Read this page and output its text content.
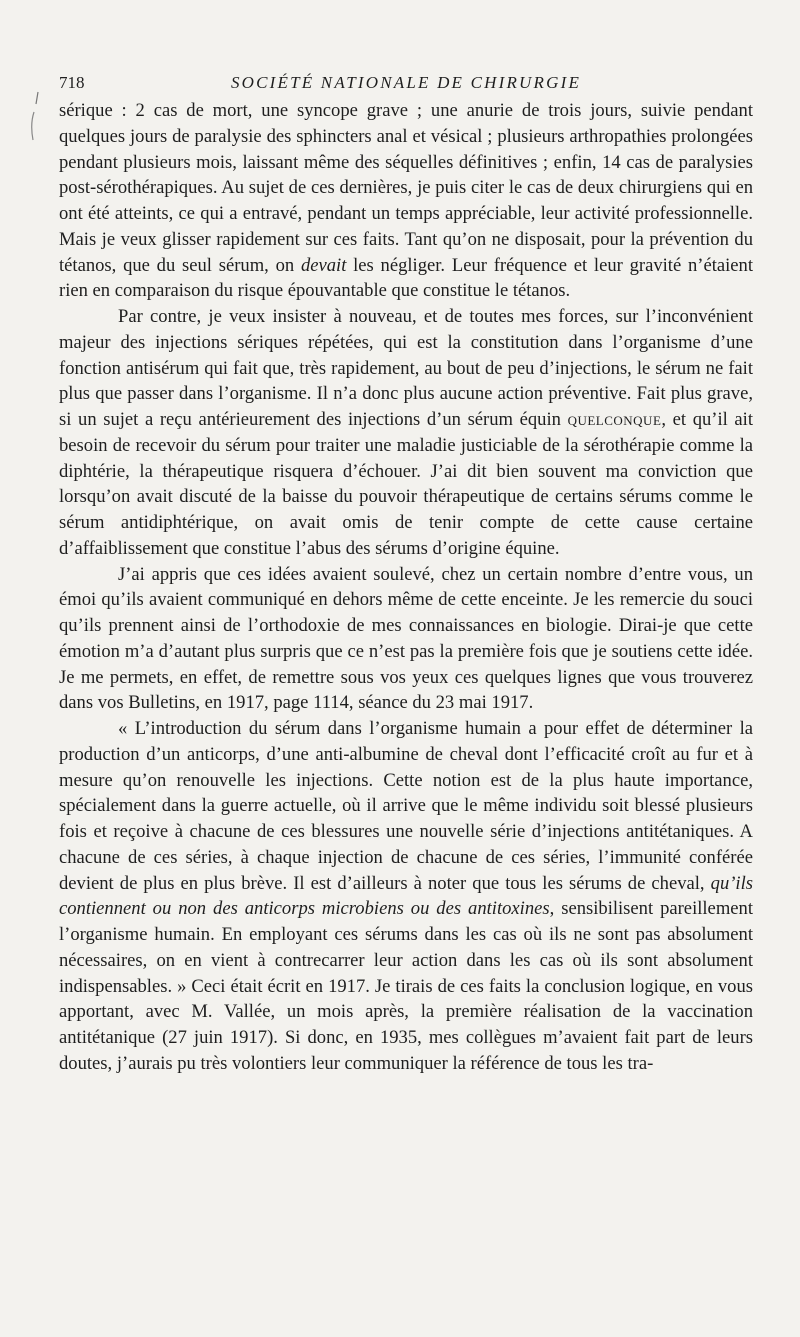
718	SOCIÉTÉ NATIONALE DE CHIRURGIE

sérique : 2 cas de mort, une syncope grave ; une anurie de trois jours, suivie pendant quelques jours de paralysie des sphincters anal et vésical ; plusieurs arthropathies prolongées pendant plusieurs mois, laissant même des séquelles définitives ; enfin, 14 cas de paralysies post-sérothérapiques. Au sujet de ces dernières, je puis citer le cas de deux chirurgiens qui en ont été atteints, ce qui a entravé, pendant un temps appréciable, leur activité professionnelle. Mais je veux glisser rapidement sur ces faits. Tant qu’on ne disposait, pour la prévention du tétanos, que du seul sérum, on devait les négliger. Leur fréquence et leur gravité n’étaient rien en comparaison du risque épouvantable que constitue le tétanos.

Par contre, je veux insister à nouveau, et de toutes mes forces, sur l’inconvénient majeur des injections sériques répétées, qui est la constitution dans l’organisme d’une fonction antisérum qui fait que, très rapidement, au bout de peu d’injections, le sérum ne fait plus que passer dans l’organisme. Il n’a donc plus aucune action préventive. Fait plus grave, si un sujet a reçu antérieurement des injections d’un sérum équin quelconque, et qu’il ait besoin de recevoir du sérum pour traiter une maladie justiciable de la sérothérapie comme la diphtérie, la thérapeutique risquera d’échouer. J’ai dit bien souvent ma conviction que lorsqu’on avait discuté de la baisse du pouvoir thérapeutique de certains sérums comme le sérum antidiphtérique, on avait omis de tenir compte de cette cause certaine d’affaiblissement que constitue l’abus des sérums d’origine équine.

J’ai appris que ces idées avaient soulevé, chez un certain nombre d’entre vous, un émoi qu’ils avaient communiqué en dehors même de cette enceinte. Je les remercie du souci qu’ils prennent ainsi de l’orthodoxie de mes connaissances en biologie. Dirai-je que cette émotion m’a d’autant plus surpris que ce n’est pas la première fois que je soutiens cette idée. Je me permets, en effet, de remettre sous vos yeux ces quelques lignes que vous trouverez dans vos Bulletins, en 1917, page 1114, séance du 23 mai 1917.

« L’introduction du sérum dans l’organisme humain a pour effet de déterminer la production d’un anticorps, d’une anti-albumine de cheval dont l’efficacité croît au fur et à mesure qu’on renouvelle les injections. Cette notion est de la plus haute importance, spécialement dans la guerre actuelle, où il arrive que le même individu soit blessé plusieurs fois et reçoive à chacune de ces blessures une nouvelle série d’injections antitétaniques. A chacune de ces séries, à chaque injection de chacune de ces séries, l’immunité conférée devient de plus en plus brève. Il est d’ailleurs à noter que tous les sérums de cheval, qu’ils contiennent ou non des anticorps microbiens ou des antitoxines, sensibilisent pareillement l’organisme humain. En employant ces sérums dans les cas où ils ne sont pas absolument nécessaires, on en vient à contrecarrer leur action dans les cas où ils sont absolument indispensables. » Ceci était écrit en 1917. Je tirais de ces faits la conclusion logique, en vous apportant, avec M. Vallée, un mois après, la première réalisation de la vaccination antitétanique (27 juin 1917). Si donc, en 1935, mes collègues m’avaient fait part de leurs doutes, j’aurais pu très volontiers leur communiquer la référence de tous les tra-
